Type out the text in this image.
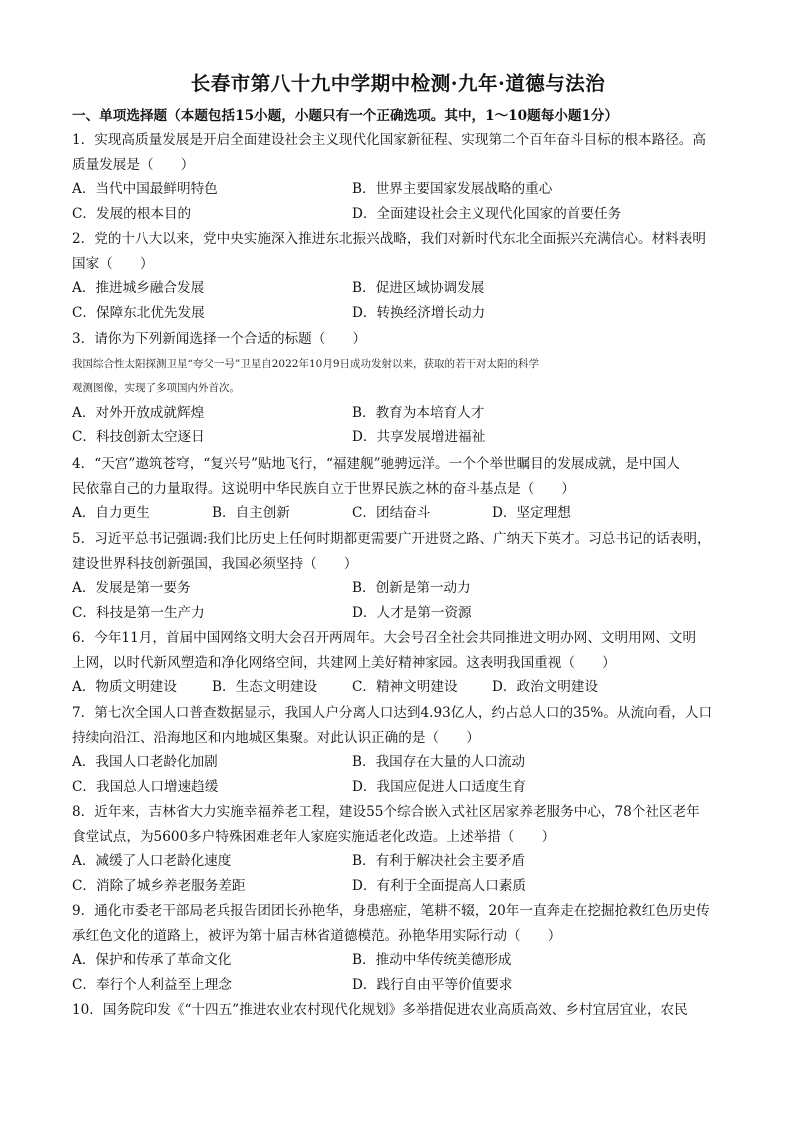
长春市第八十九中学期中检测·九年·道德与法治
一、单项选择题（本题包括15小题，小题只有一个正确选项。其中，1～10题每小题1分）
1．实现高质量发展是开启全面建设社会主义现代化国家新征程、实现第二个百年奋斗目标的根本路径。高
质量发展是（　　）
A．当代中国最鲜明特色	B．世界主要国家发展战略的重心
C．发展的根本目的	D．全面建设社会主义现代化国家的首要任务
2．党的十八大以来，党中央实施深入推进东北振兴战略，我们对新时代东北全面振兴充满信心。材料表明
国家（　　）
A．推进城乡融合发展	B．促进区域协调发展
C．保障东北优先发展	D．转换经济增长动力
3．请你为下列新闻选择一个合适的标题（　　）
我国综合性太阳探测卫星“夸父一号”卫星自2022年10月9日成功发射以来，获取的若干对太阳的科学
观测图像，实现了多项国内外首次。
A．对外开放成就辉煌	B．教育为本培育人才
C．科技创新太空逐日	D．共享发展增进福祉
4．“天宫”遨筑苍穹，“复兴号”贴地飞行，“福建舰”驰骋远洋。一个个举世瞩目的发展成就，是中国人
民依靠自己的力量取得。这说明中华民族自立于世界民族之林的奋斗基点是（　　）
A．自力更生	B．自主创新	C．团结奋斗	D．坚定理想
5．习近平总书记强调:我们比历史上任何时期都更需要广开进贤之路、广纳天下英才。习总书记的话表明，
建设世界科技创新强国，我国必须坚持（　　）
A．发展是第一要务	B．创新是第一动力
C．科技是第一生产力	D．人才是第一资源
6．今年11月，首届中国网络文明大会召开两周年。大会号召全社会共同推进文明办网、文明用网、文明
上网，以时代新风塑造和净化网络空间，共建网上美好精神家园。这表明我国重视（　　）
A．物质文明建设	B．生态文明建设	C．精神文明建设	D．政治文明建设
7．第七次全国人口普查数据显示，我国人户分离人口达到4.93亿人，约占总人口的35%。从流向看，人口
持续向沿江、沿海地区和内地城区集聚。对此认识正确的是（　　）
A．我国人口老龄化加剧	B．我国存在大量的人口流动
C．我国总人口增速趋缓	D．我国应促进人口适度生育
8．近年来，吉林省大力实施幸福养老工程，建设55个综合嵌入式社区居家养老服务中心，78个社区老年
食堂试点，为5600多户特殊困难老年人家庭实施适老化改造。上述举措（　　）
A．减缓了人口老龄化速度	B．有利于解决社会主要矛盾
C．消除了城乡养老服务差距	D．有利于全面提高人口素质
9．通化市委老干部局老兵报告团团长孙艳华，身患癌症，笔耕不辍，20年一直奔走在挖掘抢救红色历史传
承红色文化的道路上，被评为第十届吉林省道德模范。孙艳华用实际行动（　　）
A．保护和传承了革命文化	B．推动中华传统美德形成
C．奉行个人利益至上理念	D．践行自由平等价值要求
10．国务院印发《“十四五”推进农业农村现代化规划》多举措促进农业高质高效、乡村宜居宜业，农民
